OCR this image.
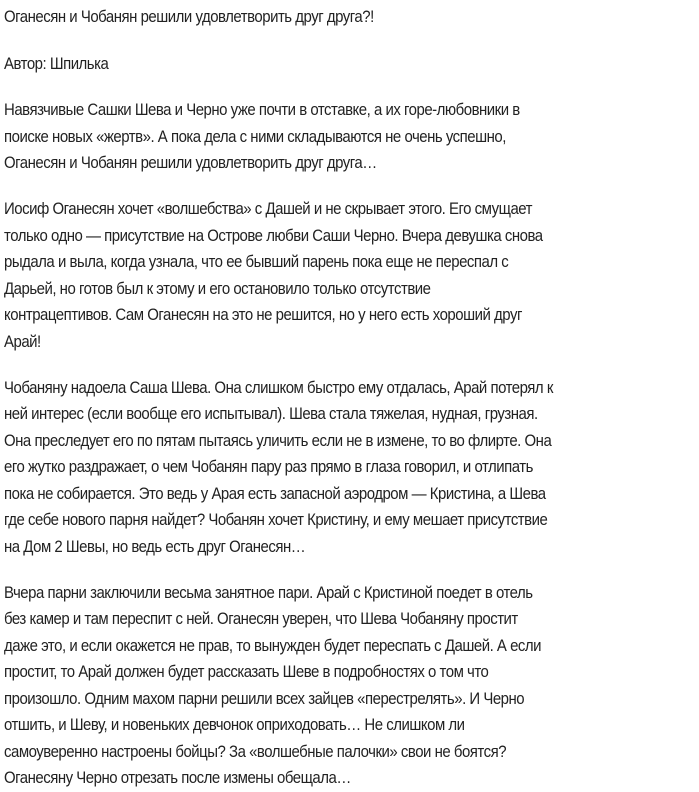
Оганесян и Чобанян решили удовлетворить друг друга?!
Автор: Шпилька
Навязчивые Сашки Шева и Черно уже почти в отставке, а их горе-любовники в
поиске новых «жертв». А пока дела с ними складываются не очень успешно,
Оганесян и Чобанян решили удовлетворить друг друга…
Иосиф Оганесян хочет «волшебства» с Дашей и не скрывает этого. Его смущает
только одно — присутствие на Острове любви Саши Черно. Вчера девушка снова
рыдала и выла, когда узнала, что ее бывший парень пока еще не переспал с
Дарьей, но готов был к этому и его остановило только отсутствие
контрацептивов. Сам Оганесян на это не решится, но у него есть хороший друг
Арай!
Чобаняну надоела Саша Шева. Она слишком быстро ему отдалась, Арай потерял к
ней интерес (если вообще его испытывал). Шева стала тяжелая, нудная, грузная.
Она преследует его по пятам пытаясь уличить если не в измене, то во флирте. Она
его жутко раздражает, о чем Чобанян пару раз прямо в глаза говорил, и отлипать
пока не собирается. Это ведь у Арая есть запасной аэродром — Кристина, а Шева
где себе нового парня найдет? Чобанян хочет Кристину, и ему мешает присутствие
на Дом 2 Шевы, но ведь есть друг Оганесян…
Вчера парни заключили весьма занятное пари. Арай с Кристиной поедет в отель
без камер и там переспит с ней. Оганесян уверен, что Шева Чобаняну простит
даже это, и если окажется не прав, то вынужден будет переспать с Дашей. А если
простит, то Арай должен будет рассказать Шеве в подробностях о том что
произошло. Одним махом парни решили всех зайцев «перестрелять». И Черно
отшить, и Шеву, и новеньких девчонок оприходовать… Не слишком ли
самоуверенно настроены бойцы? За «волшебные палочки» свои не боятся?
Оганесяну Черно отрезать после измены обещала…
